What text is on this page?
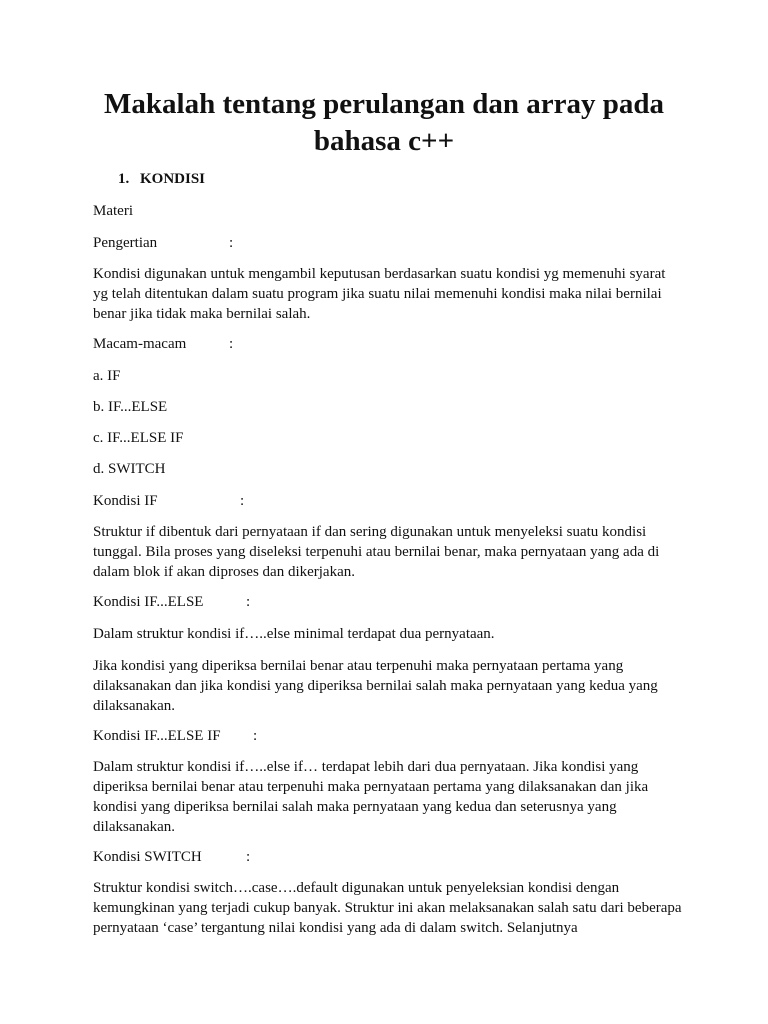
Makalah tentang perulangan dan array pada bahasa c++
1. KONDISI
Materi
Pengertian	:

Kondisi digunakan untuk mengambil keputusan berdasarkan suatu kondisi yg memenuhi syarat yg telah ditentukan dalam suatu program jika suatu nilai memenuhi kondisi maka nilai bernilai benar jika tidak maka bernilai salah.

Macam-macam	:
a. IF
b. IF...ELSE
c. IF...ELSE IF
d. SWITCH
Kondisi IF	:

Struktur if dibentuk dari pernyataan if dan sering digunakan untuk menyeleksi suatu kondisi tunggal. Bila proses yang diseleksi terpenuhi atau bernilai benar, maka pernyataan yang ada di dalam blok if akan diproses dan dikerjakan.

Kondisi IF...ELSE	:

Dalam struktur kondisi if…..else minimal terdapat dua pernyataan.

Jika kondisi yang diperiksa bernilai benar atau terpenuhi maka pernyataan pertama yang dilaksanakan dan jika kondisi yang diperiksa bernilai salah maka pernyataan yang kedua yang dilaksanakan.

Kondisi IF...ELSE IF :

Dalam struktur kondisi if…..else if… terdapat lebih dari dua pernyataan. Jika kondisi yang diperiksa bernilai benar atau terpenuhi maka pernyataan pertama yang dilaksanakan dan jika kondisi yang diperiksa bernilai salah maka pernyataan yang kedua dan seterusnya yang dilaksanakan.

Kondisi SWITCH	:

Struktur kondisi switch….case….default digunakan untuk penyeleksian kondisi dengan kemungkinan yang terjadi cukup banyak. Struktur ini akan melaksanakan salah satu dari beberapa pernyataan ‘case’ tergantung nilai kondisi yang ada di dalam switch. Selanjutnya
